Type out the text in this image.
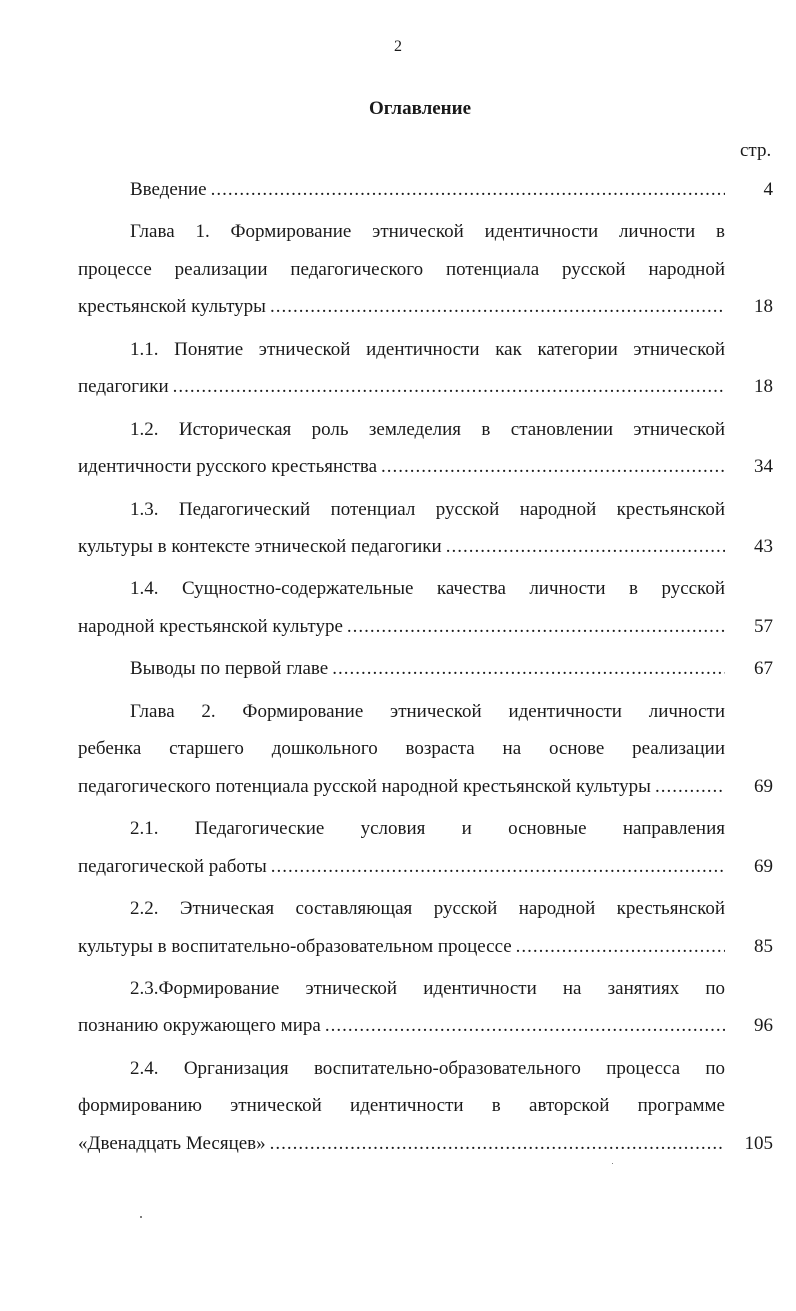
2
Оглавление
стр.
Введение .....	4
Глава 1. Формирование этнической идентичности личности в
процессе реализации педагогического потенциала русской народной
крестьянской культуры .....	18
1.1. Понятие этнической идентичности как категории этнической
педагогики .....	18
1.2. Историческая роль земледелия в становлении этнической
идентичности русского крестьянства .....	34
1.3. Педагогический потенциал русской народной крестьянской
культуры в контексте этнической педагогики .....	43
1.4. Сущностно-содержательные качества личности в русской
народной крестьянской культуре .....	57
Выводы по первой главе .....	67
Глава 2. Формирование этнической идентичности личности
ребенка старшего дошкольного возраста на основе реализации
педагогического потенциала русской народной крестьянской культуры .....	69
2.1. Педагогические условия и основные направления
педагогической работы .....	69
2.2. Этническая составляющая русской народной крестьянской
культуры в воспитательно-образовательном процессе .....	85
2.3.Формирование этнической идентичности на занятиях по
познанию окружающего мира .....	96
2.4. Организация воспитательно-образовательного процесса по
формированию этнической идентичности в авторской программе
«Двенадцать Месяцев» .....	105
